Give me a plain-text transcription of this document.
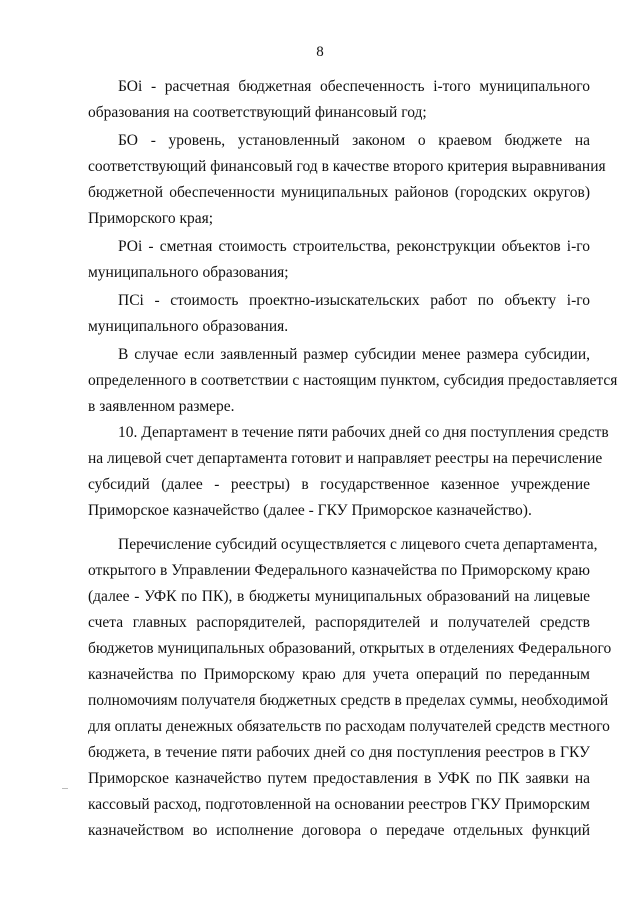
8

БОi - расчетная бюджетная обеспеченность i-того муниципального
образования на соответствующий финансовый год;

БО - уровень, установленный законом о краевом бюджете на
соответствующий финансовый год в качестве второго критерия выравнивания
бюджетной обеспеченности муниципальных районов (городских округов)
Приморского края;

РОi - сметная стоимость строительства, реконструкции объектов i-го
муниципального образования;

ПСi - стоимость проектно-изыскательских работ по объекту i-го
муниципального образования.

В случае если заявленный размер субсидии менее размера субсидии,
определенного в соответствии с настоящим пунктом, субсидия предоставляется
в заявленном размере.

10. Департамент в течение пяти рабочих дней со дня поступления средств
на лицевой счет департамента готовит и направляет реестры на перечисление
субсидий (далее - реестры) в государственное казенное учреждение
Приморское казначейство (далее - ГКУ Приморское казначейство).

Перечисление субсидий осуществляется с лицевого счета департамента,
открытого в Управлении Федерального казначейства по Приморскому краю
(далее - УФК по ПК), в бюджеты муниципальных образований на лицевые
счета главных распорядителей, распорядителей и получателей средств
бюджетов муниципальных образований, открытых в отделениях Федерального
казначейства по Приморскому краю для учета операций по переданным
полномочиям получателя бюджетных средств в пределах суммы, необходимой
для оплаты денежных обязательств по расходам получателей средств местного
бюджета, в течение пяти рабочих дней со дня поступления реестров в ГКУ
Приморское казначейство путем предоставления в УФК по ПК заявки на
кассовый расход, подготовленной на основании реестров ГКУ Приморским
казначейством во исполнение договора о передаче отдельных функций
